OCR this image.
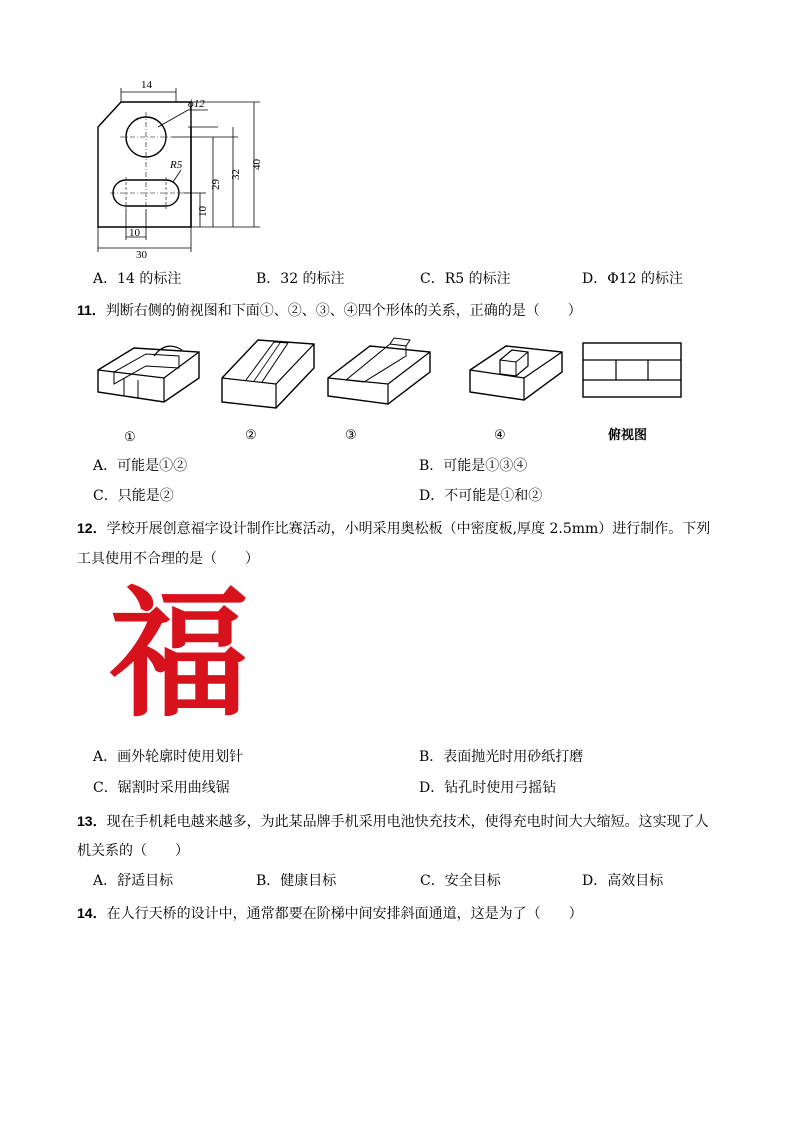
14
ϕ12
R5
10
29
32
40
10
30
A．14 的标注	B．32 的标注	C．R5 的标注	D．Φ12 的标注
11．判断右侧的俯视图和下面①、②、③、④四个形体的关系，正确的是（　　）
①	②	③	④	俯视图
A．可能是①②	B．可能是①③④
C．只能是②	D．不可能是①和②
12．学校开展创意福字设计制作比赛活动，小明采用奥松板（中密度板,厚度 2.5mm）进行制作。下列
工具使用不合理的是（　　）
福
A．画外轮廓时使用划针	B．表面抛光时用砂纸打磨
C．锯割时采用曲线锯	D．钻孔时使用弓摇钻
13．现在手机耗电越来越多，为此某品牌手机采用电池快充技术，使得充电时间大大缩短。这实现了人
机关系的（　　）
A．舒适目标	B．健康目标	C．安全目标	D．高效目标
14．在人行天桥的设计中，通常都要在阶梯中间安排斜面通道，这是为了（　　）
